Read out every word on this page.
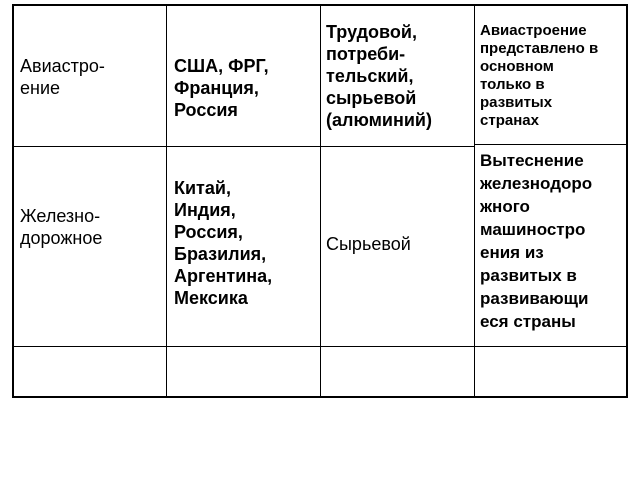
Авиастро-
ение
США, ФРГ,
Франция,
Россия
Трудовой,
потреби-
тельский,
сырьевой
(алюминий)
Авиастроение
представлено в
основном
только в
развитых
странах
Железно-
дорожное
Китай,
Индия,
Россия,
Бразилия,
Аргентина,
Мексика
Сырьевой
Вытеснение
железнодоро
жного
машиностро
ения из
развитых в
развивающи
еся страны
